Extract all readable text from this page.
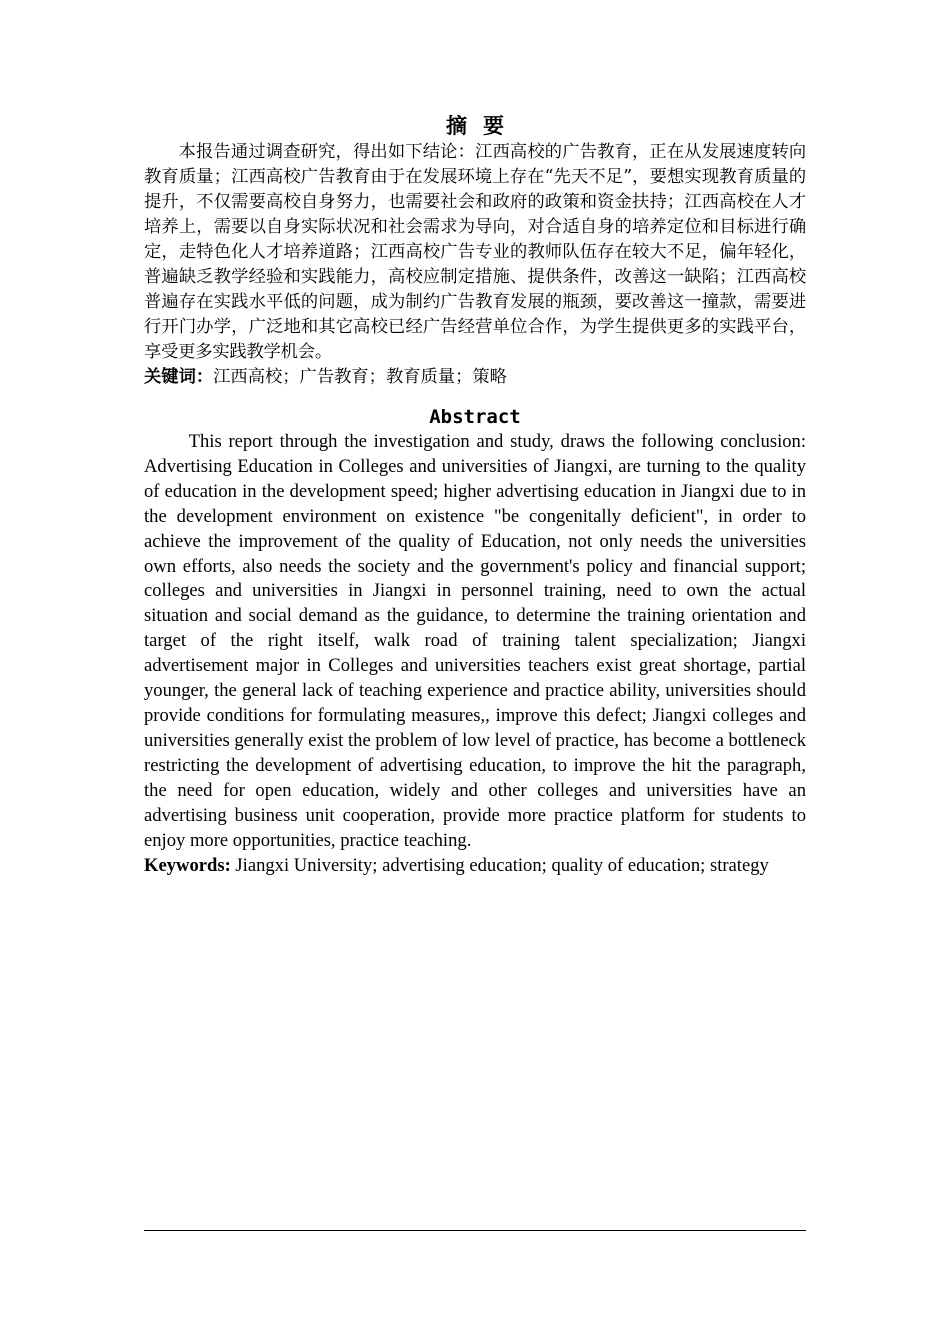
摘要

本报告通过调查研究，得出如下结论：江西高校的广告教育，正在从发展速度转向教育质量；江西高校广告教育由于在发展环境上存在“先天不足”，要想实现教育质量的提升，不仅需要高校自身努力，也需要社会和政府的政策和资金扶持；江西高校在人才培养上，需要以自身实际状况和社会需求为导向，对合适自身的培养定位和目标进行确定，走特色化人才培养道路；江西高校广告专业的教师队伍存在较大不足，偏年轻化，普遍缺乏教学经验和实践能力，高校应制定措施、提供条件，改善这一缺陷；江西高校普遍存在实践水平低的问题，成为制约广告教育发展的瓶颈，要改善这一撞款，需要进行开门办学，广泛地和其它高校已经广告经营单位合作，为学生提供更多的实践平台，享受更多实践教学机会。

关键词：江西高校；广告教育；教育质量；策略

Abstract

This report through the investigation and study, draws the following conclusion: Advertising Education in Colleges and universities of Jiangxi, are turning to the quality of education in the development speed; higher advertising education in Jiangxi due to in the development environment on existence "be congenitally deficient", in order to achieve the improvement of the quality of Education, not only needs the universities own efforts, also needs the society and the government's policy and financial support; colleges and universities in Jiangxi in personnel training, need to own the actual situation and social demand as the guidance, to determine the training orientation and target of the right itself, walk road of training talent specialization; Jiangxi advertisement major in Colleges and universities teachers exist great shortage, partial younger, the general lack of teaching experience and practice ability, universities should provide conditions for formulating measures,, improve this defect; Jiangxi colleges and universities generally exist the problem of low level of practice, has become a bottleneck restricting the development of advertising education, to improve the hit the paragraph, the need for open education, widely and other colleges and universities have an advertising business unit cooperation, provide more practice platform for students to enjoy more opportunities, practice teaching.

Keywords: Jiangxi University; advertising education; quality of education; strategy
